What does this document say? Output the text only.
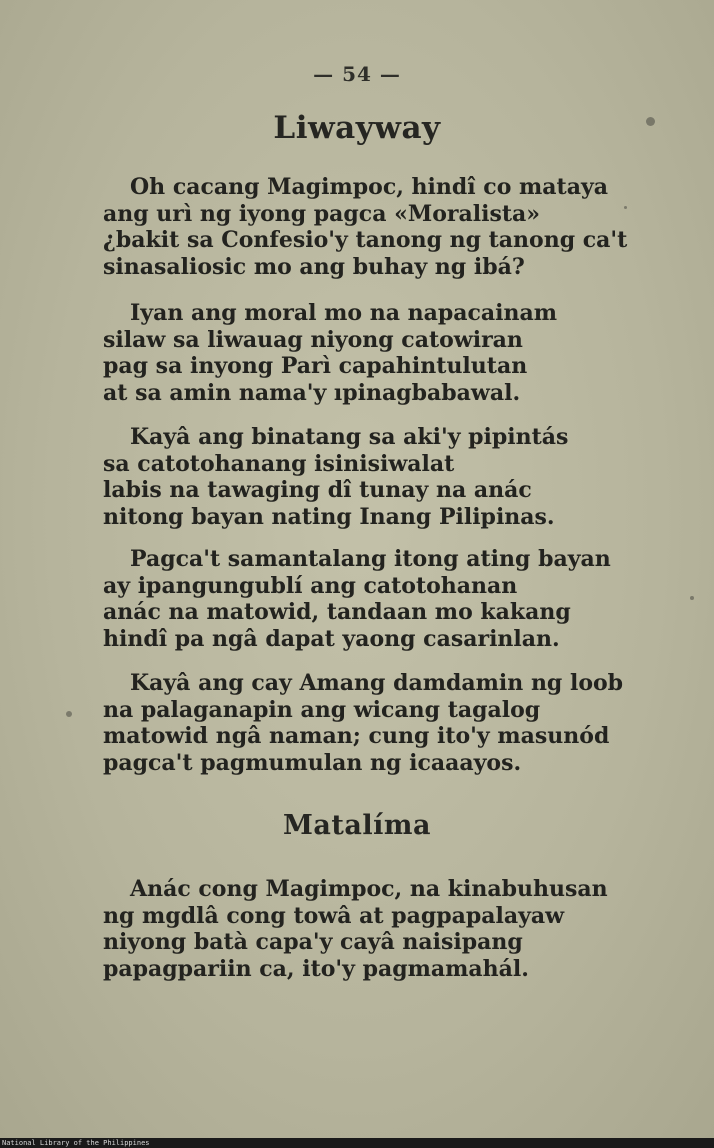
— 54 —
Liwayway

Oh cacang Magimpoc, hindî co mataya
ang urì ng iyong pagca «Moralista»
¿bakit sa Confesio'y tanong ng tanong ca't
sinasaliosic mo ang buhay ng ibá?

Iyan ang moral mo na napacainam
silaw sa liwauag niyong catowiran
pag sa inyong Parì capahintulutan
at sa amin nama'y ıpinagbabawal.

Kayâ ang binatang sa aki'y pipintás
sa catotohanang isinisiwalat
labis na tawaging dî tunay na anác
nitong bayan nating Inang Pilipinas.

Pagca't samantalang itong ating bayan
ay ipangungublí ang catotohanan
anác na matowid, tandaan mo kakang
hindî pa ngâ dapat yaong casarinlan.

Kayâ ang cay Amang damdamin ng loob
na palaganapin ang wicang tagalog
matowid ngâ naman; cung ito'y masunód
pagca't pagmumulan ng icaaayos.

Matalíma

Anác cong Magimpoc, na kinabuhusan
ng mgdlâ cong towâ at pagpapalayaw
niyong batà capa'y cayâ naisipang
papagpariin ca, ito'y pagmamahál.

National Library of the Philippines
